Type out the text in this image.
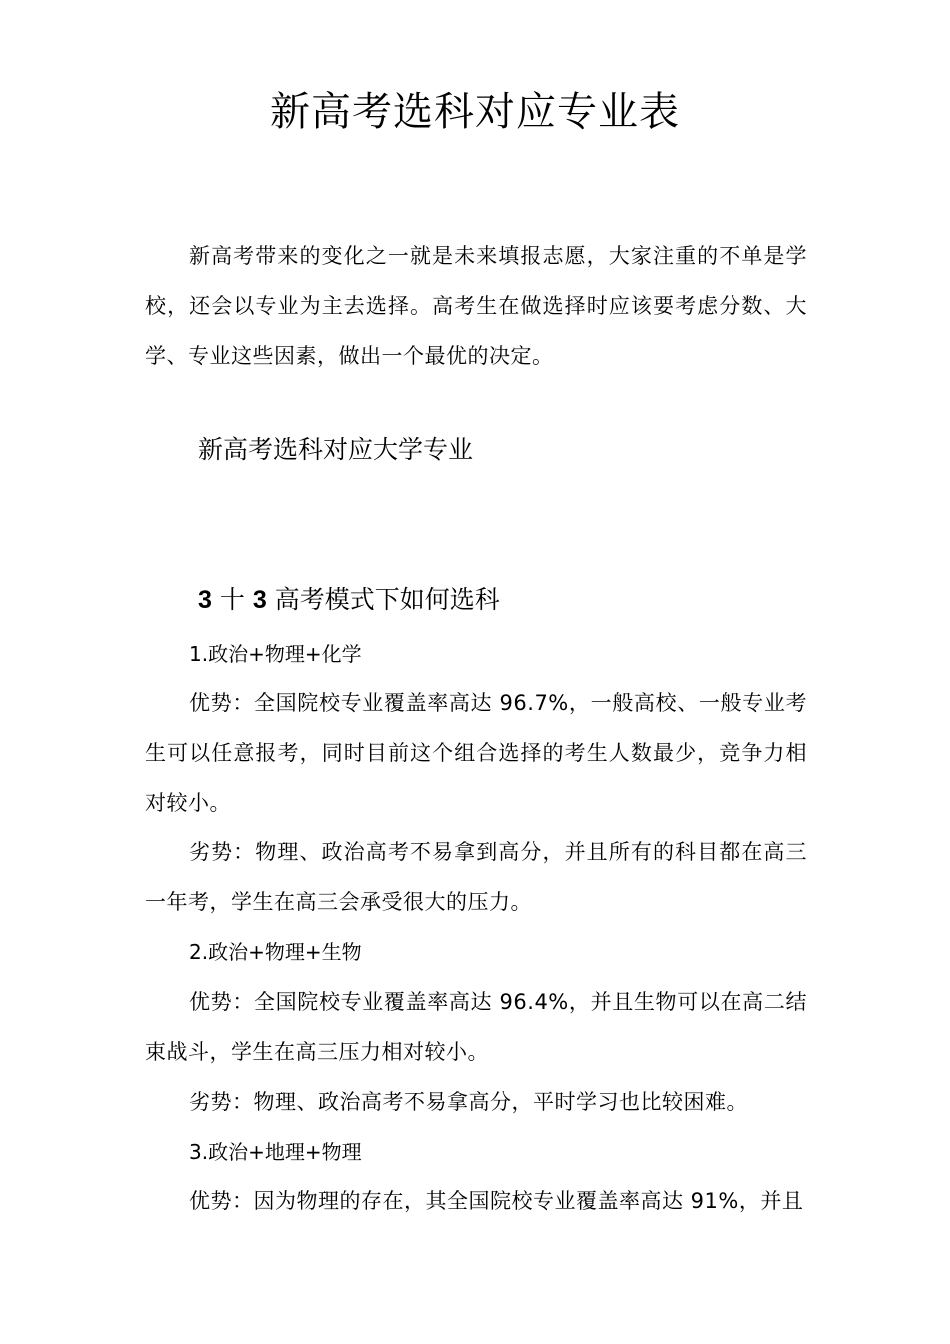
新高考选科对应专业表
新高考带来的变化之一就是未来填报志愿，大家注重的不单是学校，还会以专业为主去选择。高考生在做选择时应该要考虑分数、大学、专业这些因素，做出一个最优的决定。
新高考选科对应大学专业
3 十 3 高考模式下如何选科
1.政治+物理+化学
优势：全国院校专业覆盖率高达 96.7%，一般高校、一般专业考生可以任意报考，同时目前这个组合选择的考生人数最少，竞争力相对较小。
劣势：物理、政治高考不易拿到高分，并且所有的科目都在高三一年考，学生在高三会承受很大的压力。
2.政治+物理+生物
优势：全国院校专业覆盖率高达 96.4%，并且生物可以在高二结束战斗，学生在高三压力相对较小。
劣势：物理、政治高考不易拿高分，平时学习也比较困难。
3.政治+地理+物理
优势：因为物理的存在，其全国院校专业覆盖率高达 91%，并且
